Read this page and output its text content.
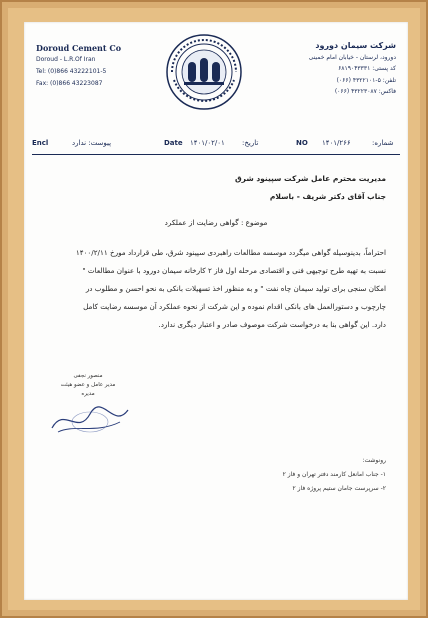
Doroud Cement Co
Doroud - L.R.Of Iran
Tel: (0)866 43222101-5
Fax: (0)866 43223087
شرکت سیمان دورود
دورود، لرستان - خیابان امام خمینی
کد پستی: ۶۸۱۹۰۴۳۳۳۱
تلفن: ۵-۴۳۲۲۱۰۱ (۰۶۶)
فاکس: ۴۳۲۲۳۰۸۷ (۰۶۶)
Encl	پیوست: ندارد	Date ۱۴۰۱/۰۲/۰۱ تاریخ:	NO ۱۴۰۱/۲۶۶	شماره:
مدیریت محترم عامل شرکت سپینود شرق
جناب آقای دکتر شریف - باسلام
موضوع : گواهی رضایت از عملکرد
احتراماً، بدینوسیله گواهی میگردد موسسه مطالعات راهبردی سپینود شرق، طی قرارداد مورخ ۱۴۰۰/۲/۱۱
نسبت به تهیه طرح توجیهی فنی و اقتصادی مرحله اول فاز ۲ کارخانه سیمان دورود با عنوان مطالعات "
امکان سنجی برای تولید سیمان چاه نفت " و به منظور اخذ تسهیلات بانکی به نحو احسن و مطلوب در
چارچوب و دستورالعمل های بانکی اقدام نموده و این شرکت از نحوه عملکرد آن موسسه رضایت کامل
دارد. این گواهی بنا به درخواست شرکت موصوف صادر و اعتبار دیگری ندارد.
منصور نجفی
مدیر عامل و عضو هیئت مدیره
رونوشت:
۱- جناب امانعل کارمند دفتر تهران و فاز ۲
۲- سرپرست جامان ستیم پروژه فاز ۲
